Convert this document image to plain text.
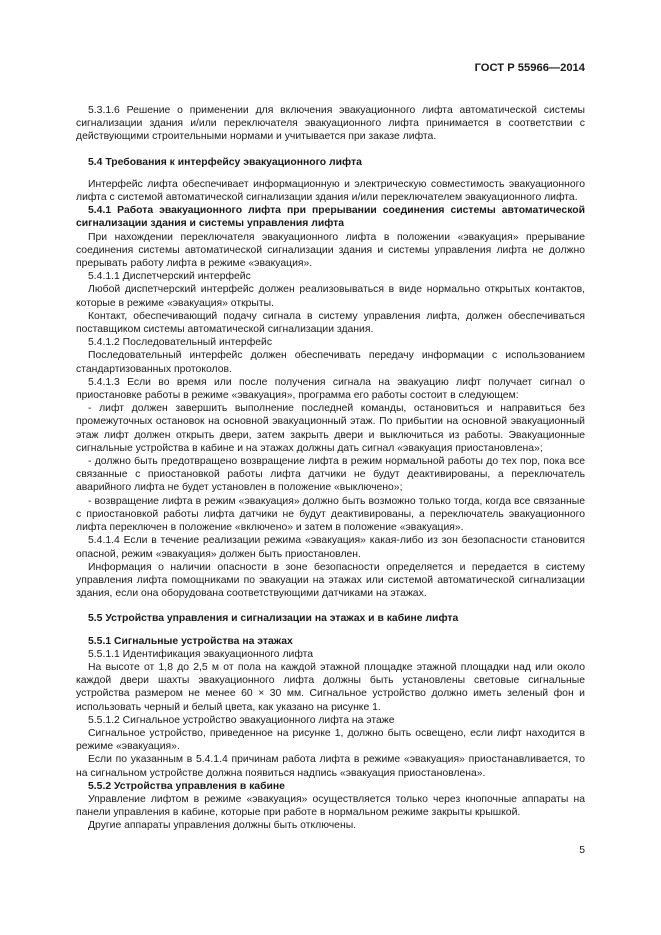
ГОСТ Р 55966—2014

5.3.1.6 Решение о применении для включения эвакуационного лифта автоматической системы сигнализации здания и/или переключателя эвакуационного лифта принимается в соответствии с действующими строительными нормами и учитывается при заказе лифта.

5.4 Требования к интерфейсу эвакуационного лифта

Интерфейс лифта обеспечивает информационную и электрическую совместимость эвакуационного лифта с системой автоматической сигнализации здания и/или переключателем эвакуационного лифта.

5.4.1 Работа эвакуационного лифта при прерывании соединения системы автоматической сигнализации здания и системы управления лифта

При нахождении переключателя эвакуационного лифта в положении «эвакуация» прерывание соединения системы автоматической сигнализации здания и системы управления лифта не должно прерывать работу лифта в режиме «эвакуация».

5.4.1.1 Диспетчерский интерфейс

Любой диспетчерский интерфейс должен реализовываться в виде нормально открытых контактов, которые в режиме «эвакуация» открыты.

Контакт, обеспечивающий подачу сигнала в систему управления лифта, должен обеспечиваться поставщиком системы автоматической сигнализации здания.

5.4.1.2 Последовательный интерфейс

Последовательный интерфейс должен обеспечивать передачу информации с использованием стандартизованных протоколов.

5.4.1.3 Если во время или после получения сигнала на эвакуацию лифт получает сигнал о приостановке работы в режиме «эвакуация», программа его работы состоит в следующем:

- лифт должен завершить выполнение последней команды, остановиться и направиться без промежуточных остановок на основной эвакуационный этаж. По прибытии на основной эвакуационный этаж лифт должен открыть двери, затем закрыть двери и выключиться из работы. Эвакуационные сигнальные устройства в кабине и на этажах должны дать сигнал «эвакуация приостановлена»;

- должно быть предотвращено возвращение лифта в режим нормальной работы до тех пор, пока все связанные с приостановкой работы лифта датчики не будут деактивированы, а переключатель аварийного лифта не будет установлен в положение «выключено»;

- возвращение лифта в режим «эвакуация» должно быть возможно только тогда, когда все связанные с приостановкой работы лифта датчики не будут деактивированы, а переключатель эвакуационного лифта переключен в положение «включено» и затем в положение «эвакуация».

5.4.1.4 Если в течение реализации режима «эвакуация» какая-либо из зон безопасности становится опасной, режим «эвакуация» должен быть приостановлен.

Информация о наличии опасности в зоне безопасности определяется и передается в систему управления лифта помощниками по эвакуации на этажах или системой автоматической сигнализации здания, если она оборудована соответствующими датчиками на этажах.

5.5 Устройства управления и сигнализации на этажах и в кабине лифта

5.5.1 Сигнальные устройства на этажах

5.5.1.1 Идентификация эвакуационного лифта

На высоте от 1,8 до 2,5 м от пола на каждой этажной площадке этажной площадки над или около каждой двери шахты эвакуационного лифта должны быть установлены световые сигнальные устройства размером не менее 60 × 30 мм. Сигнальное устройство должно иметь зеленый фон и использовать черный и белый цвета, как указано на рисунке 1.

5.5.1.2 Сигнальное устройство эвакуационного лифта на этаже

Сигнальное устройство, приведенное на рисунке 1, должно быть освещено, если лифт находится в режиме «эвакуация».

Если по указанным в 5.4.1.4 причинам работа лифта в режиме «эвакуация» приостанавливается, то на сигнальном устройстве должна появиться надпись «эвакуация приостановлена».

5.5.2 Устройства управления в кабине

Управление лифтом в режиме «эвакуация» осуществляется только через кнопочные аппараты на панели управления в кабине, которые при работе в нормальном режиме закрыты крышкой.

Другие аппараты управления должны быть отключены.

5
